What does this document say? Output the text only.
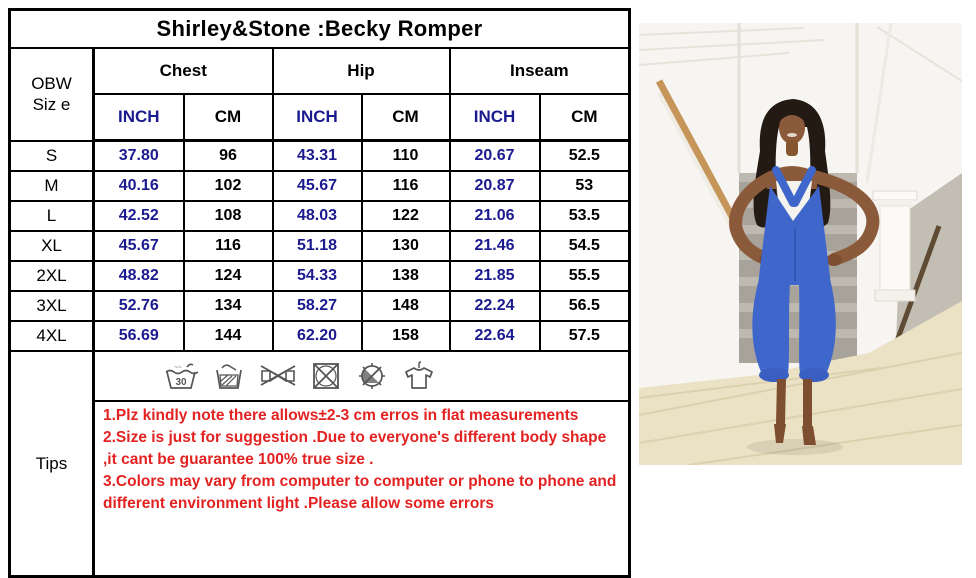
Shirley&Stone :Becky Romper						

OBW
Siz e	Chest		Hip		Inseam	
	INCH	CM	INCH	CM	INCH	CM
S	37.80	96	43.31	110	20.67	52.5
M	40.16	102	45.67	116	20.87	53
L	42.52	108	48.03	122	21.06	53.5
XL	45.67	116	51.18	130	21.46	54.5
2XL	48.82	124	54.33	138	21.85	55.5
3XL	52.76	134	58.27	148	22.24	56.5
4XL	56.69	144	62.20	158	22.64	57.5
Tips	30
~~					

	1.Plz kindly note there allows±2-3 cm erros in flat measurements

2.Size is just for suggestion .Due to everyone's different body shape ,it cant be guarantee 100% true size .

3.Colors may vary from computer to computer or phone to phone and different environment light .Please allow some errors					
